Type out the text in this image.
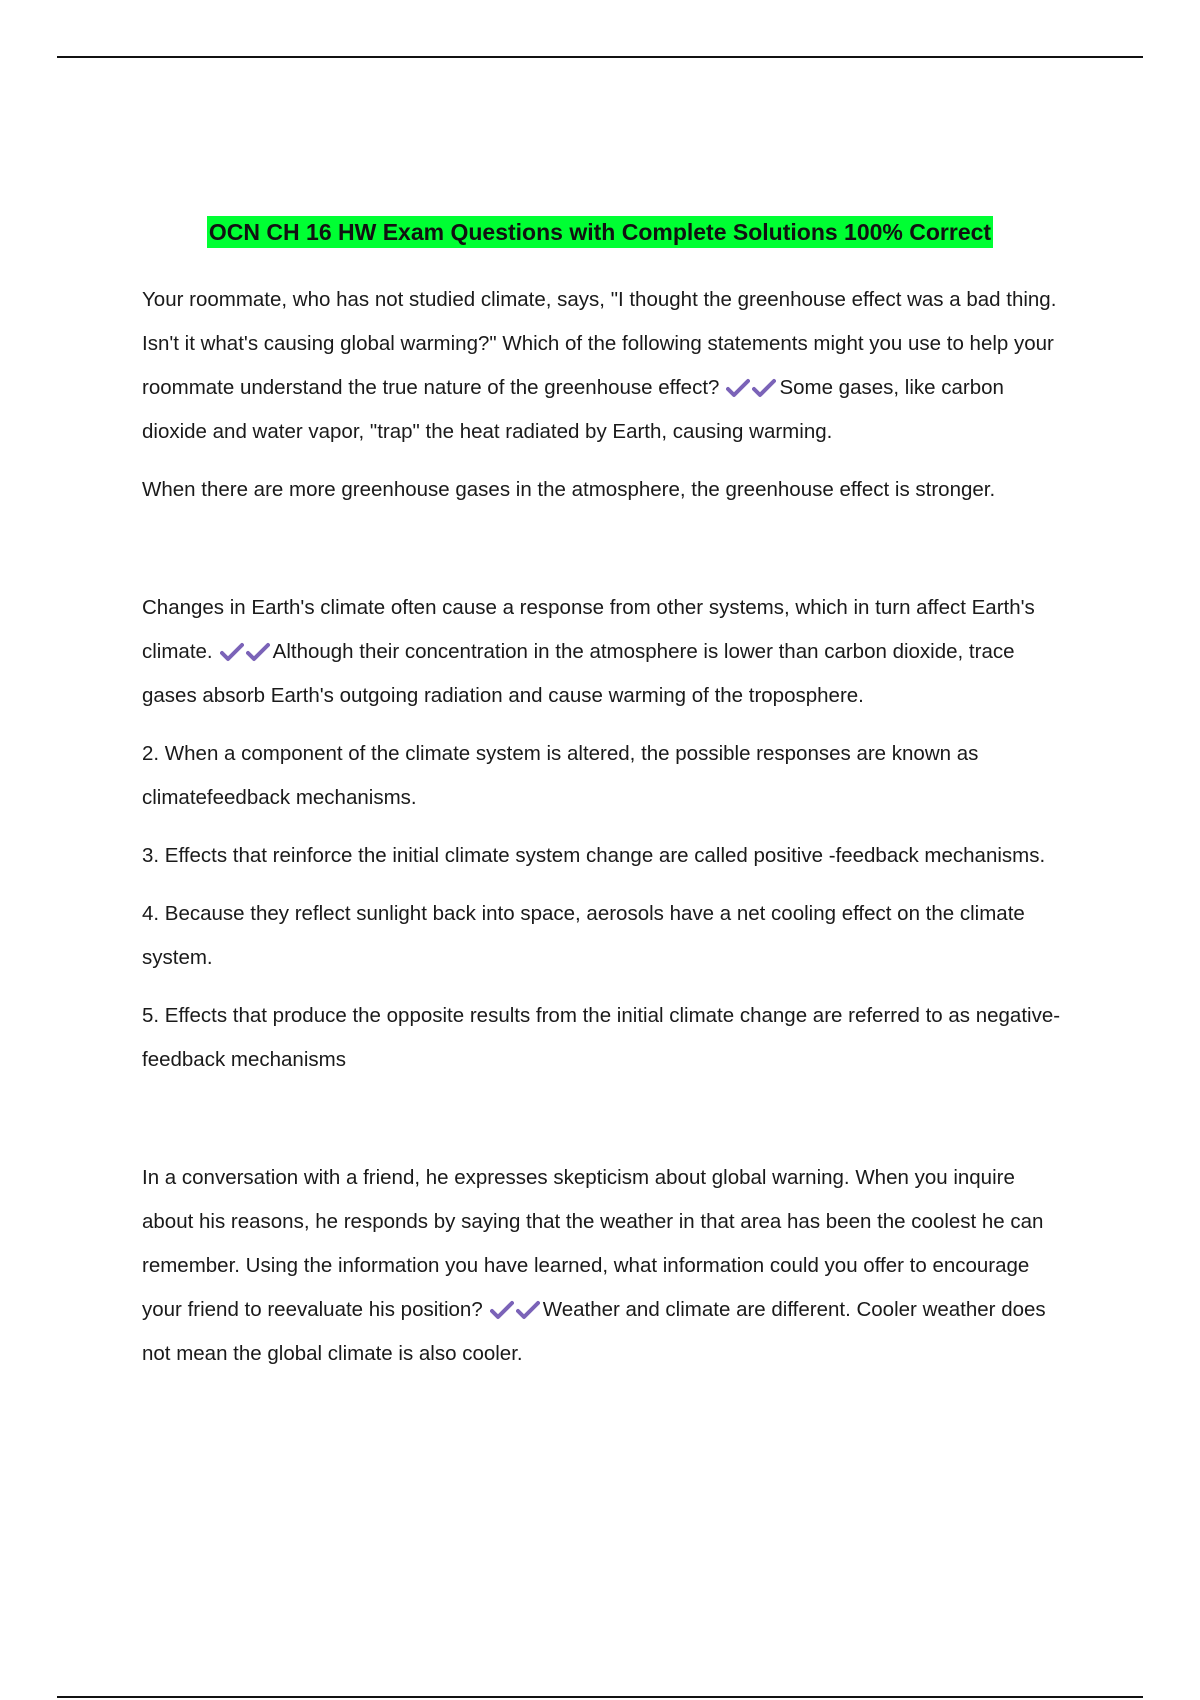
OCN CH 16 HW Exam Questions with Complete Solutions 100% Correct

Your roommate, who has not studied climate, says, "I thought the greenhouse effect was a bad thing. Isn't it what's causing global warming?" Which of the following statements might you use to help your roommate understand the true nature of the greenhouse effect?	Some gases, like carbon dioxide and water vapor, "trap" the heat radiated by Earth, causing warming.

When there are more greenhouse gases in the atmosphere, the greenhouse effect is stronger.

Changes in Earth's climate often cause a response from other systems, which in turn affect Earth's climate.	Although their concentration in the atmosphere is lower than carbon dioxide, trace gases absorb Earth's outgoing radiation and cause warming of the troposphere.

2. When a component of the climate system is altered, the possible responses are known as climatefeedback mechanisms.

3. Effects that reinforce the initial climate system change are called positive -feedback mechanisms.

4. Because they reflect sunlight back into space, aerosols have a net cooling effect on the climate system.

5. Effects that produce the opposite results from the initial climate change are referred to as negative- feedback mechanisms

In a conversation with a friend, he expresses skepticism about global warning. When you inquire about his reasons, he responds by saying that the weather in that area has been the coolest he can remember. Using the information you have learned, what information could you offer to encourage your friend to reevaluate his position?	Weather and climate are different. Cooler weather does not mean the global climate is also cooler.
